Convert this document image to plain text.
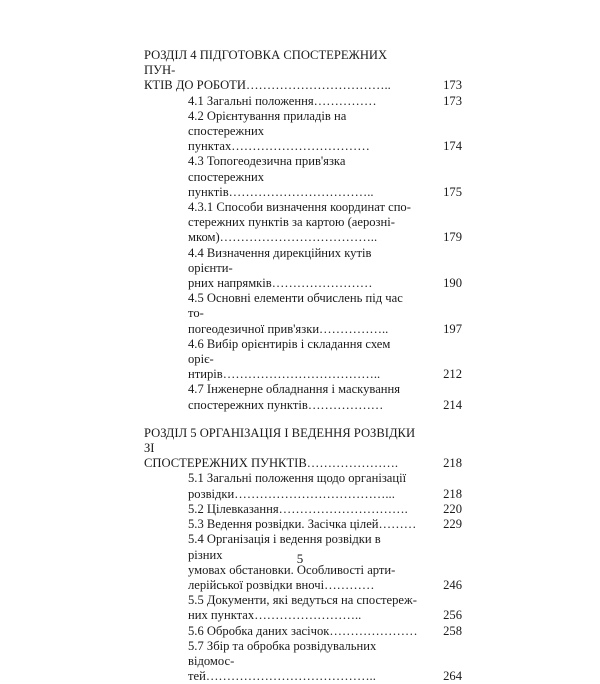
РОЗДІЛ 4 ПІДГОТОВКА СПОСТЕРЕЖНИХ ПУН-
КТІВ ДО РОБОТИ……………………………..	173
4.1 Загальні положення……………	173
4.2 Орієнтування приладів на спостережних
пунктах……………………………	174
4.3 Топогеодезична прив'язка спостережних
пунктів……………………………..	175
4.3.1 Способи визначення координат спо-
стережних пунктів за картою (аерознi-
мком)………………………………..	179
4.4 Визначення дирекційних кутів орієнти-
рних напрямків……………………	190
4.5 Основні елементи обчислень під час то-
погеодезичної прив'язки……………..	197
4.6 Вибір орієнтирів і складання схем оріє-
нтирів………………………………..	212
4.7 Інженерне обладнання і маскування
спостережних пунктів………………	214
РОЗДІЛ 5 ОРГАНІЗАЦІЯ І ВЕДЕННЯ РОЗВІДКИ ЗІ
СПОСТЕРЕЖНИХ ПУНКТІВ………………….	218
5.1 Загальні положення щодо організації
розвідки………………………………...	218
5.2 Цілевказання………………………….	220
5.3 Ведення розвідки. Засічка цілей………	229
5.4 Організація і ведення розвідки в різних
умовах обстановки. Особливості арти-
лерійської розвідки вночі…………	246
5.5 Документи, які ведуться на спостереж-
них пунктах……………………..	256
5.6 Обробка даних засічок…………………	258
5.7 Збір та обробка розвідувальних відомос-
тей…………………………………..	264
5
